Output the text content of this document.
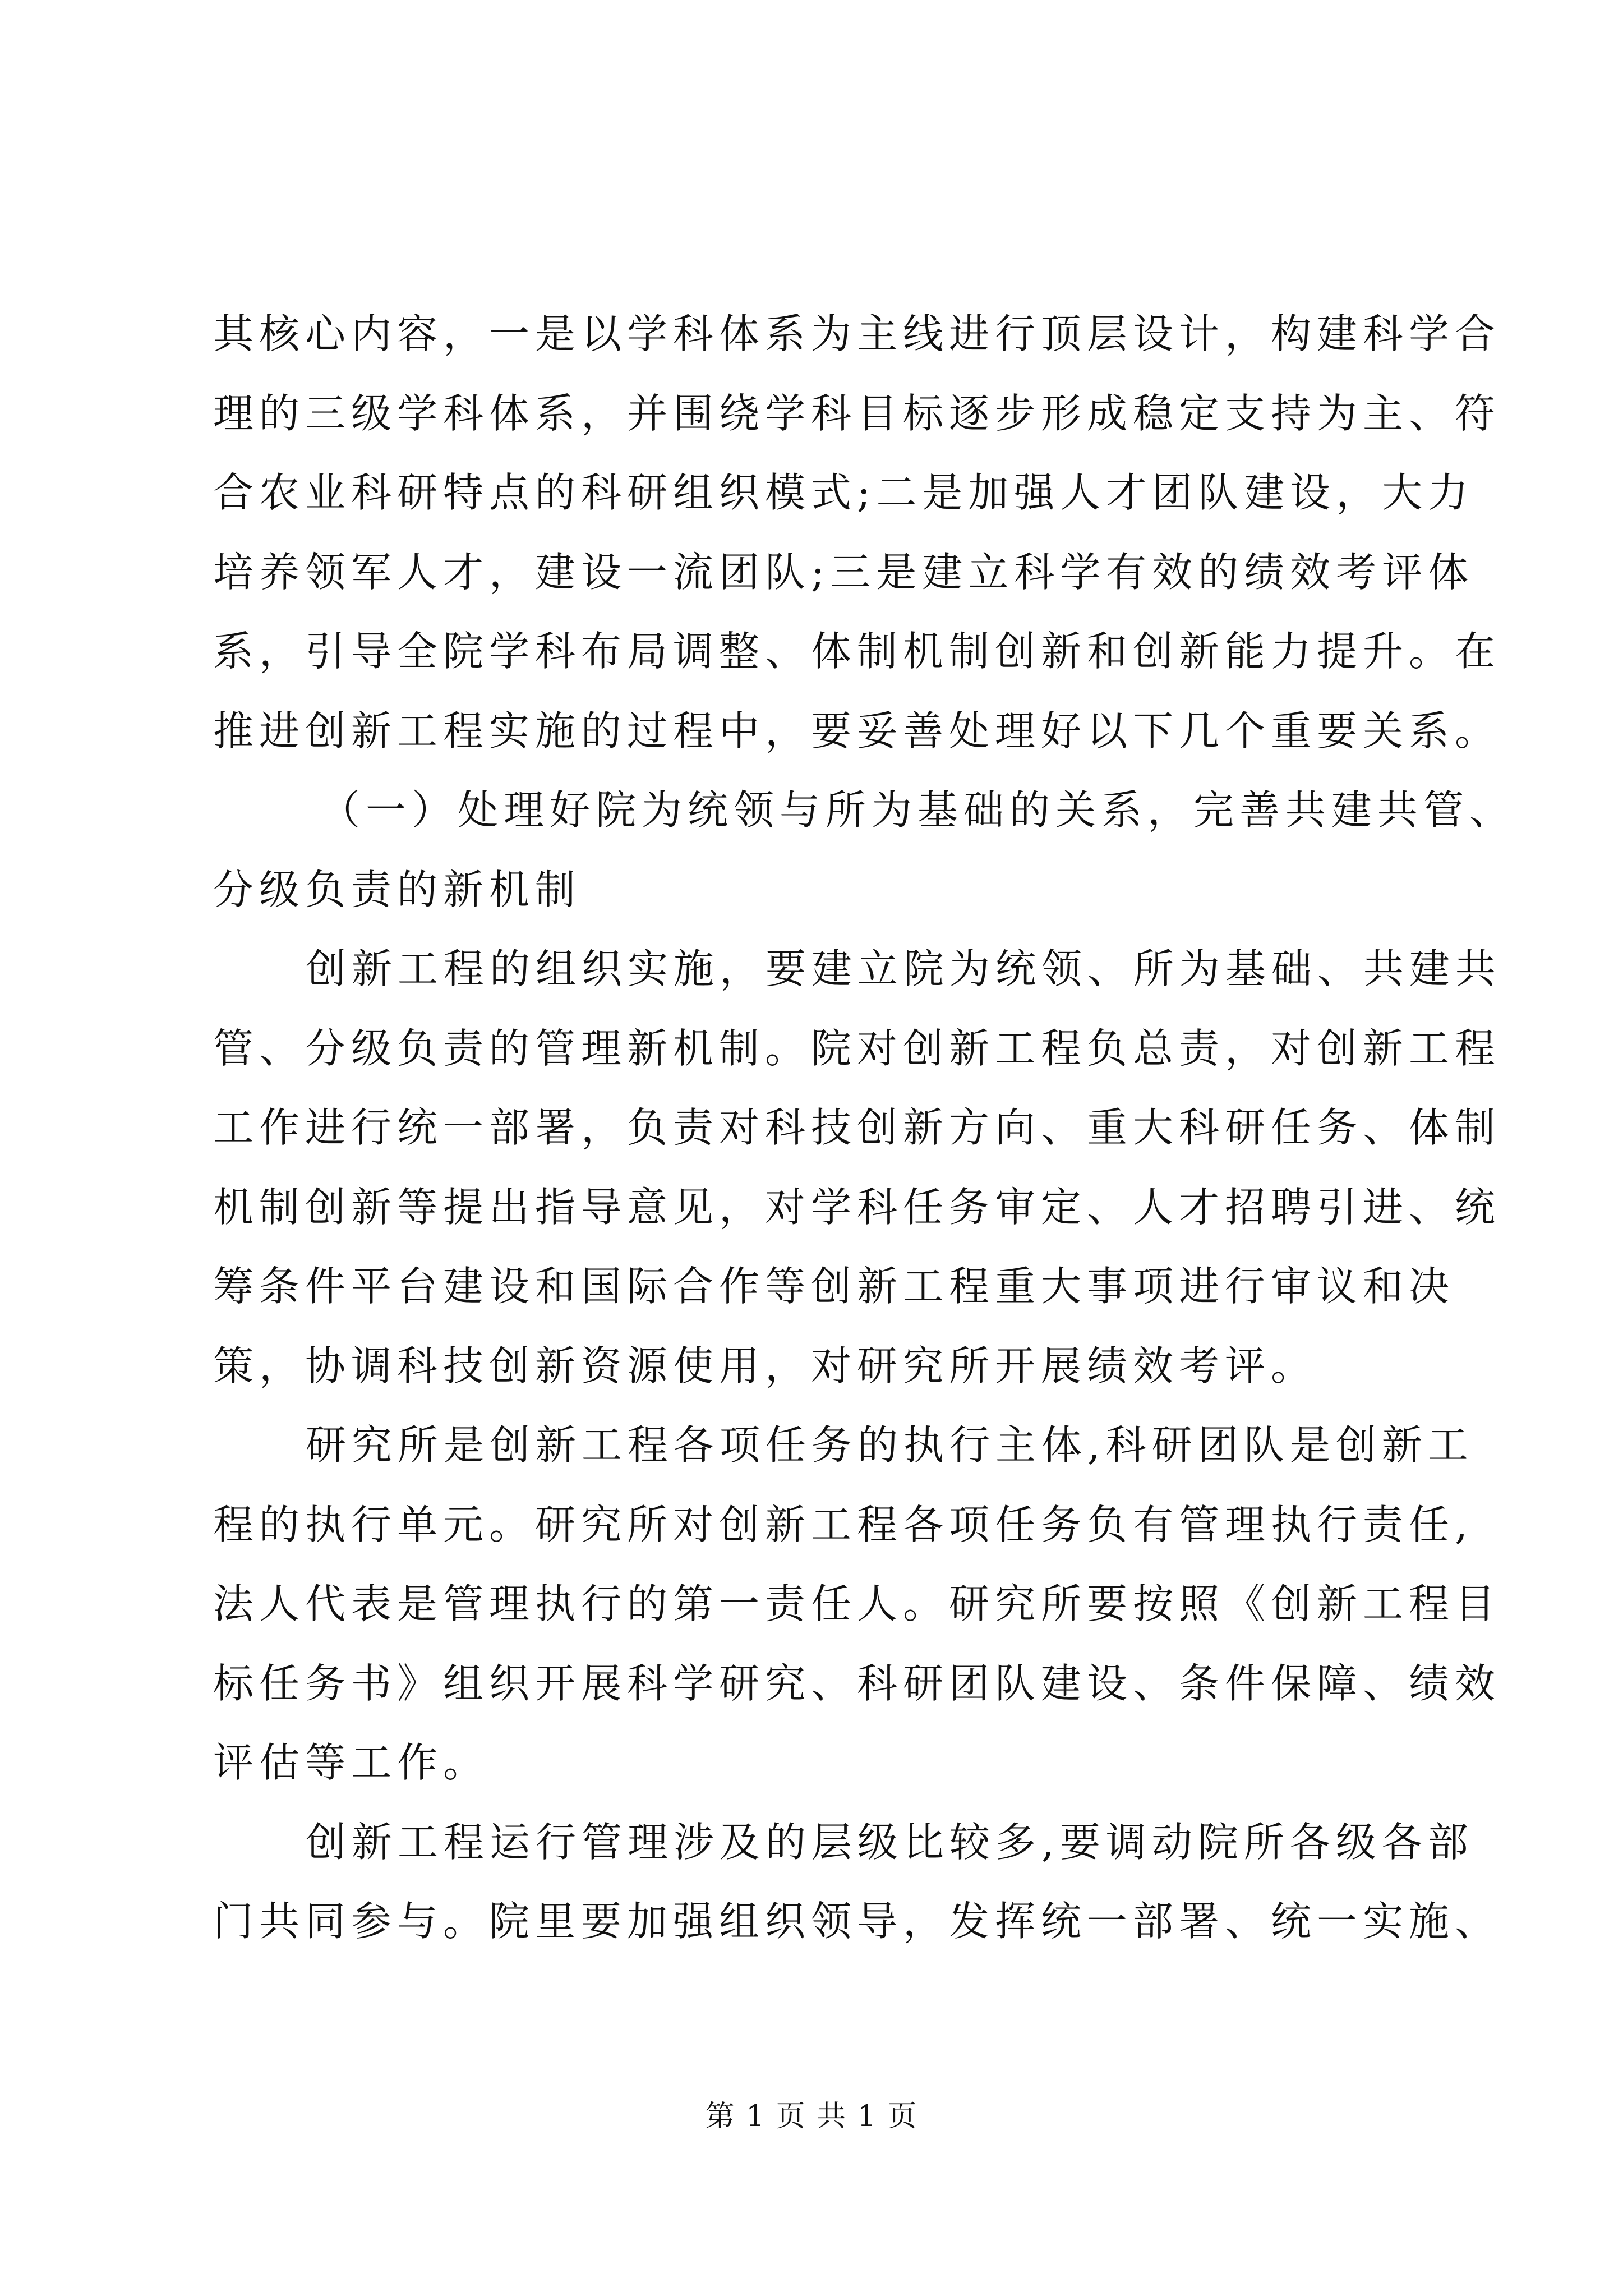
其核心内容，一是以学科体系为主线进行顶层设计，构建科学合
理的三级学科体系，并围绕学科目标逐步形成稳定支持为主、符
合农业科研特点的科研组织模式;二是加强人才团队建设，大力
培养领军人才，建设一流团队;三是建立科学有效的绩效考评体
系，引导全院学科布局调整、体制机制创新和创新能力提升。在
推进创新工程实施的过程中，要妥善处理好以下几个重要关系。
（一）处理好院为统领与所为基础的关系，完善共建共管、
分级负责的新机制
创新工程的组织实施，要建立院为统领、所为基础、共建共
管、分级负责的管理新机制。院对创新工程负总责，对创新工程
工作进行统一部署，负责对科技创新方向、重大科研任务、体制
机制创新等提出指导意见，对学科任务审定、人才招聘引进、统
筹条件平台建设和国际合作等创新工程重大事项进行审议和决
策，协调科技创新资源使用，对研究所开展绩效考评。
研究所是创新工程各项任务的执行主体,科研团队是创新工
程的执行单元。研究所对创新工程各项任务负有管理执行责任,
法人代表是管理执行的第一责任人。研究所要按照《创新工程目
标任务书》组织开展科学研究、科研团队建设、条件保障、绩效
评估等工作。
创新工程运行管理涉及的层级比较多,要调动院所各级各部
门共同参与。院里要加强组织领导，发挥统一部署、统一实施、
第 1 页 共 1 页
